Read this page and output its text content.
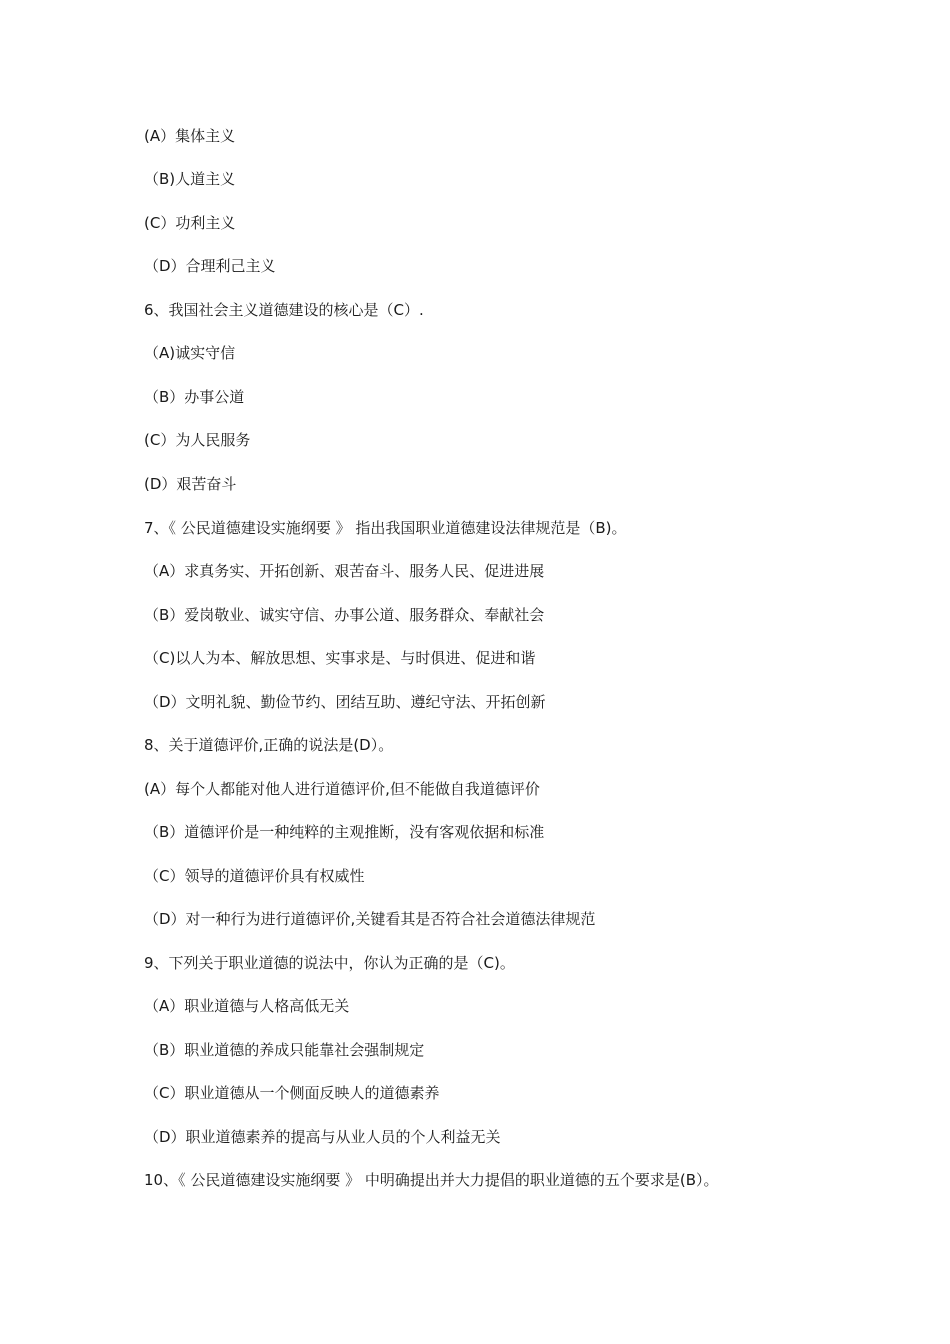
(A）集体主义

（B)人道主义

(C）功利主义

（D）合理利己主义

6、我国社会主义道德建设的核心是（C）.

（A)诚实守信

（B）办事公道

(C）为人民服务

(D）艰苦奋斗

7、《 公民道德建设实施纲要 》 指出我国职业道德建设法律规范是（B)。

（A）求真务实、开拓创新、艰苦奋斗、服务人民、促进进展

（B）爱岗敬业、诚实守信、办事公道、服务群众、奉献社会

（C)以人为本、解放思想、实事求是、与时俱进、促进和谐

（D）文明礼貌、勤俭节约、团结互助、遵纪守法、开拓创新

8、关于道德评价,正确的说法是(D）。

(A）每个人都能对他人进行道德评价,但不能做自我道德评价

（B）道德评价是一种纯粹的主观推断，没有客观依据和标准

（C）领导的道德评价具有权威性

（D）对一种行为进行道德评价,关键看其是否符合社会道德法律规范

9、下列关于职业道德的说法中，你认为正确的是（C)。

（A）职业道德与人格高低无关

（B）职业道德的养成只能靠社会强制规定

（C）职业道德从一个侧面反映人的道德素养

（D）职业道德素养的提高与从业人员的个人利益无关

10、《 公民道德建设实施纲要 》 中明确提出并大力提倡的职业道德的五个要求是(B）。
